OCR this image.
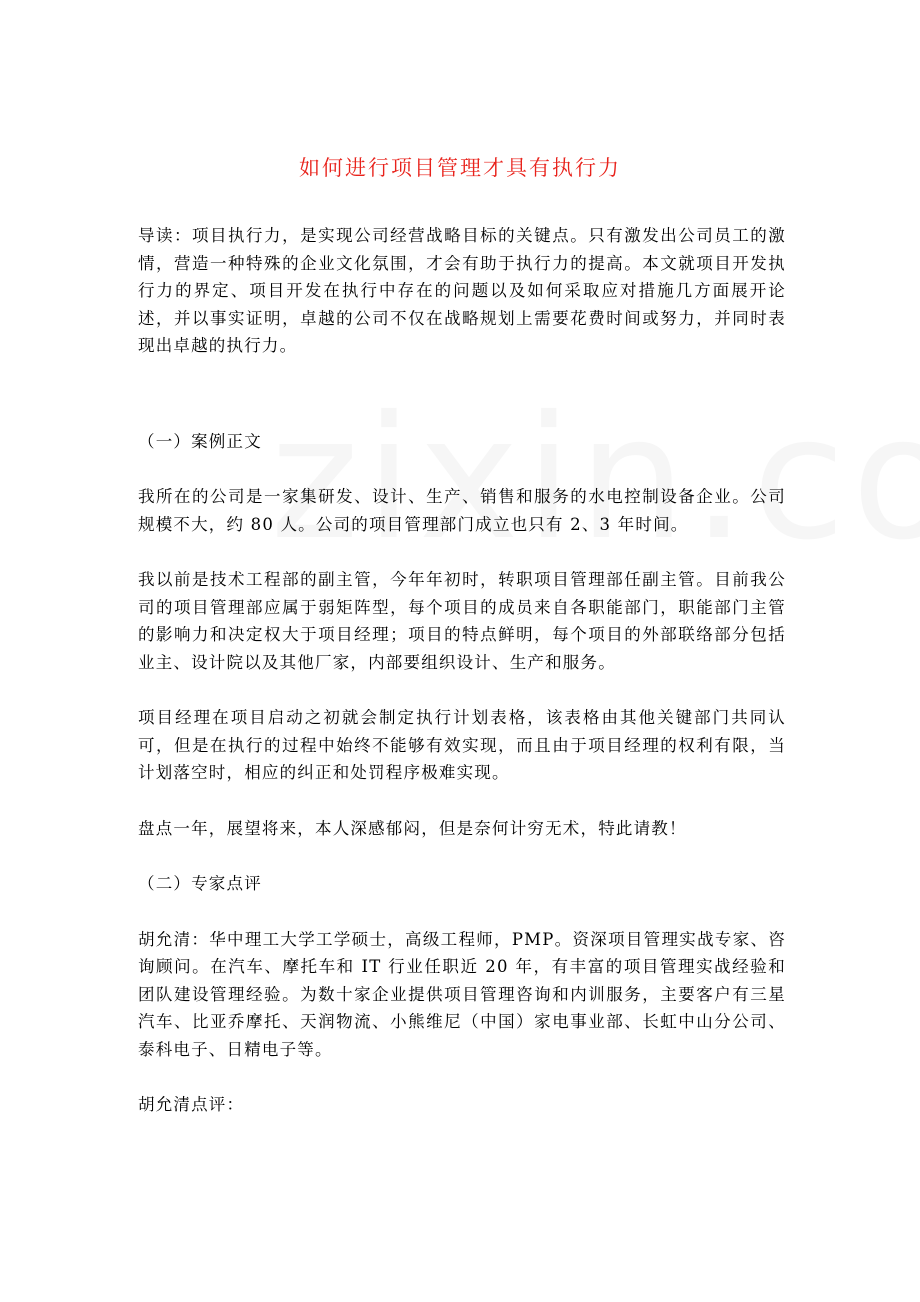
如何进行项目管理才具有执行力

导读：项目执行力，是实现公司经营战略目标的关键点。只有激发出公司员工的激情，营造一种特殊的企业文化氛围，才会有助于执行力的提高。本文就项目开发执行力的界定、项目开发在执行中存在的问题以及如何采取应对措施几方面展开论述，并以事实证明，卓越的公司不仅在战略规划上需要花费时间或努力，并同时表现出卓越的执行力。

（一）案例正文

我所在的公司是一家集研发、设计、生产、销售和服务的水电控制设备企业。公司规模不大，约 80 人。公司的项目管理部门成立也只有 2、3 年时间。

我以前是技术工程部的副主管，今年年初时，转职项目管理部任副主管。目前我公司的项目管理部应属于弱矩阵型，每个项目的成员来自各职能部门，职能部门主管的影响力和决定权大于项目经理；项目的特点鲜明，每个项目的外部联络部分包括业主、设计院以及其他厂家，内部要组织设计、生产和服务。

项目经理在项目启动之初就会制定执行计划表格，该表格由其他关键部门共同认可，但是在执行的过程中始终不能够有效实现，而且由于项目经理的权利有限，当计划落空时，相应的纠正和处罚程序极难实现。

盘点一年，展望将来，本人深感郁闷，但是奈何计穷无术，特此请教！

（二）专家点评

胡允清：华中理工大学工学硕士，高级工程师，PMP。资深项目管理实战专家、咨询顾问。在汽车、摩托车和 IT 行业任职近 20 年，有丰富的项目管理实战经验和团队建设管理经验。为数十家企业提供项目管理咨询和内训服务，主要客户有三星汽车、比亚乔摩托、天润物流、小熊维尼（中国）家电事业部、长虹中山分公司、泰科电子、日精电子等。

胡允清点评：
